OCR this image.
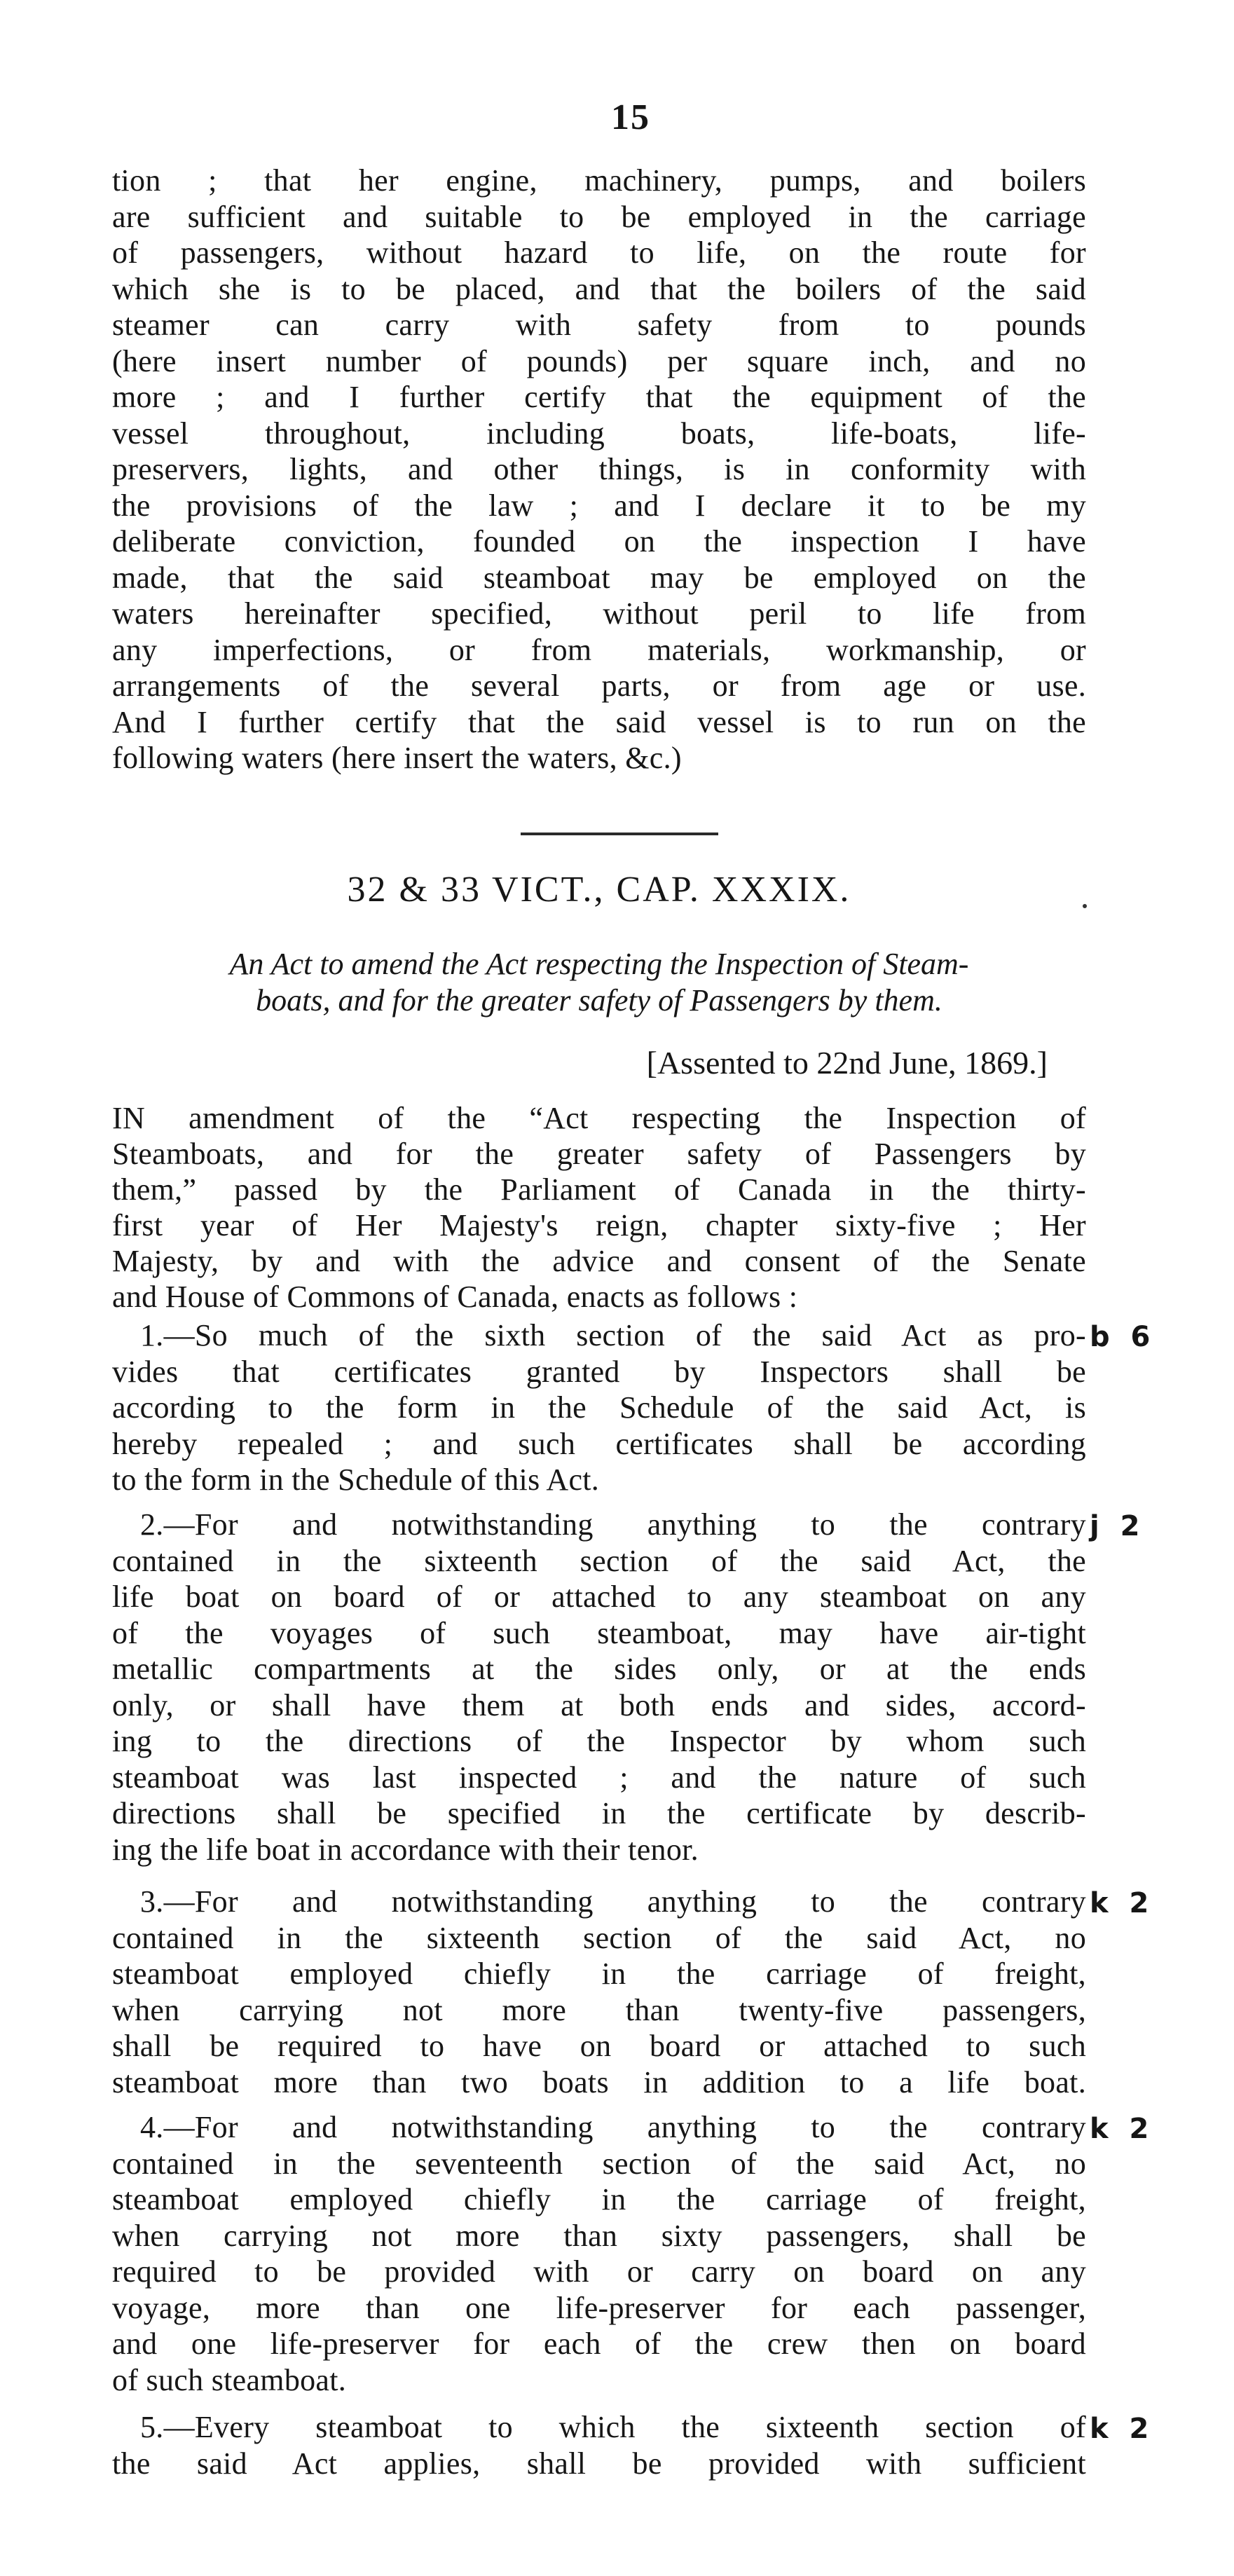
15

tion ; that her engine, machinery, pumps, and boilers
are sufficient and suitable to be employed in the carriage
of passengers, without hazard to life, on the route for
which she is to be placed, and that the boilers of the said
steamer can carry with safety from to pounds
(here insert number of pounds) per square inch, and no
more ; and I further certify that the equipment of the
vessel throughout, including boats, life-boats, life-
preservers, lights, and other things, is in conformity with
the provisions of the law ; and I declare it to be my
deliberate conviction, founded on the inspection I have
made, that the said steamboat may be employed on the
waters hereinafter specified, without peril to life from
any imperfections, or from materials, workmanship, or
arrangements of the several parts, or from age or use.
And I further certify that the said vessel is to run on the
following waters (here insert the waters, &c.)

32 & 33 VICT., CAP. XXXIX.
An Act to amend the Act respecting the Inspection of Steam-
boats, and for the greater safety of Passengers by them.
[Assented to 22nd June, 1869.]

IN amendment of the “Act respecting the Inspection of
Steamboats, and for the greater safety of Passengers by
them,” passed by the Parliament of Canada in the thirty-
first year of Her Majesty's reign, chapter sixty-five ; Her
Majesty, by and with the advice and consent of the Senate
and House of Commons of Canada, enacts as follows :

1.—So much of the sixth section of the said Act as pro-
vides that certificates granted by Inspectors shall be
according to the form in the Schedule of the said Act, is
hereby repealed ; and such certificates shall be according
to the form in the Schedule of this Act.

b 6

2.—For and notwithstanding anything to the contrary
contained in the sixteenth section of the said Act, the
life boat on board of or attached to any steamboat on any
of the voyages of such steamboat, may have air-tight
metallic compartments at the sides only, or at the ends
only, or shall have them at both ends and sides, accord-
ing to the directions of the Inspector by whom such
steamboat was last inspected ; and the nature of such
directions shall be specified in the certificate by describ-
ing the life boat in accordance with their tenor.

j 2

3.—For and notwithstanding anything to the contrary
contained in the sixteenth section of the said Act, no
steamboat employed chiefly in the carriage of freight,
when carrying not more than twenty-five passengers,
shall be required to have on board or attached to such
steamboat more than two boats in addition to a life boat.

k 2

4.—For and notwithstanding anything to the contrary
contained in the seventeenth section of the said Act, no
steamboat employed chiefly in the carriage of freight,
when carrying not more than sixty passengers, shall be
required to be provided with or carry on board on any
voyage, more than one life-preserver for each passenger,
and one life-preserver for each of the crew then on board
of such steamboat.

k 2

5.—Every steamboat to which the sixteenth section of
the said Act applies, shall be provided with sufficient

k 2
